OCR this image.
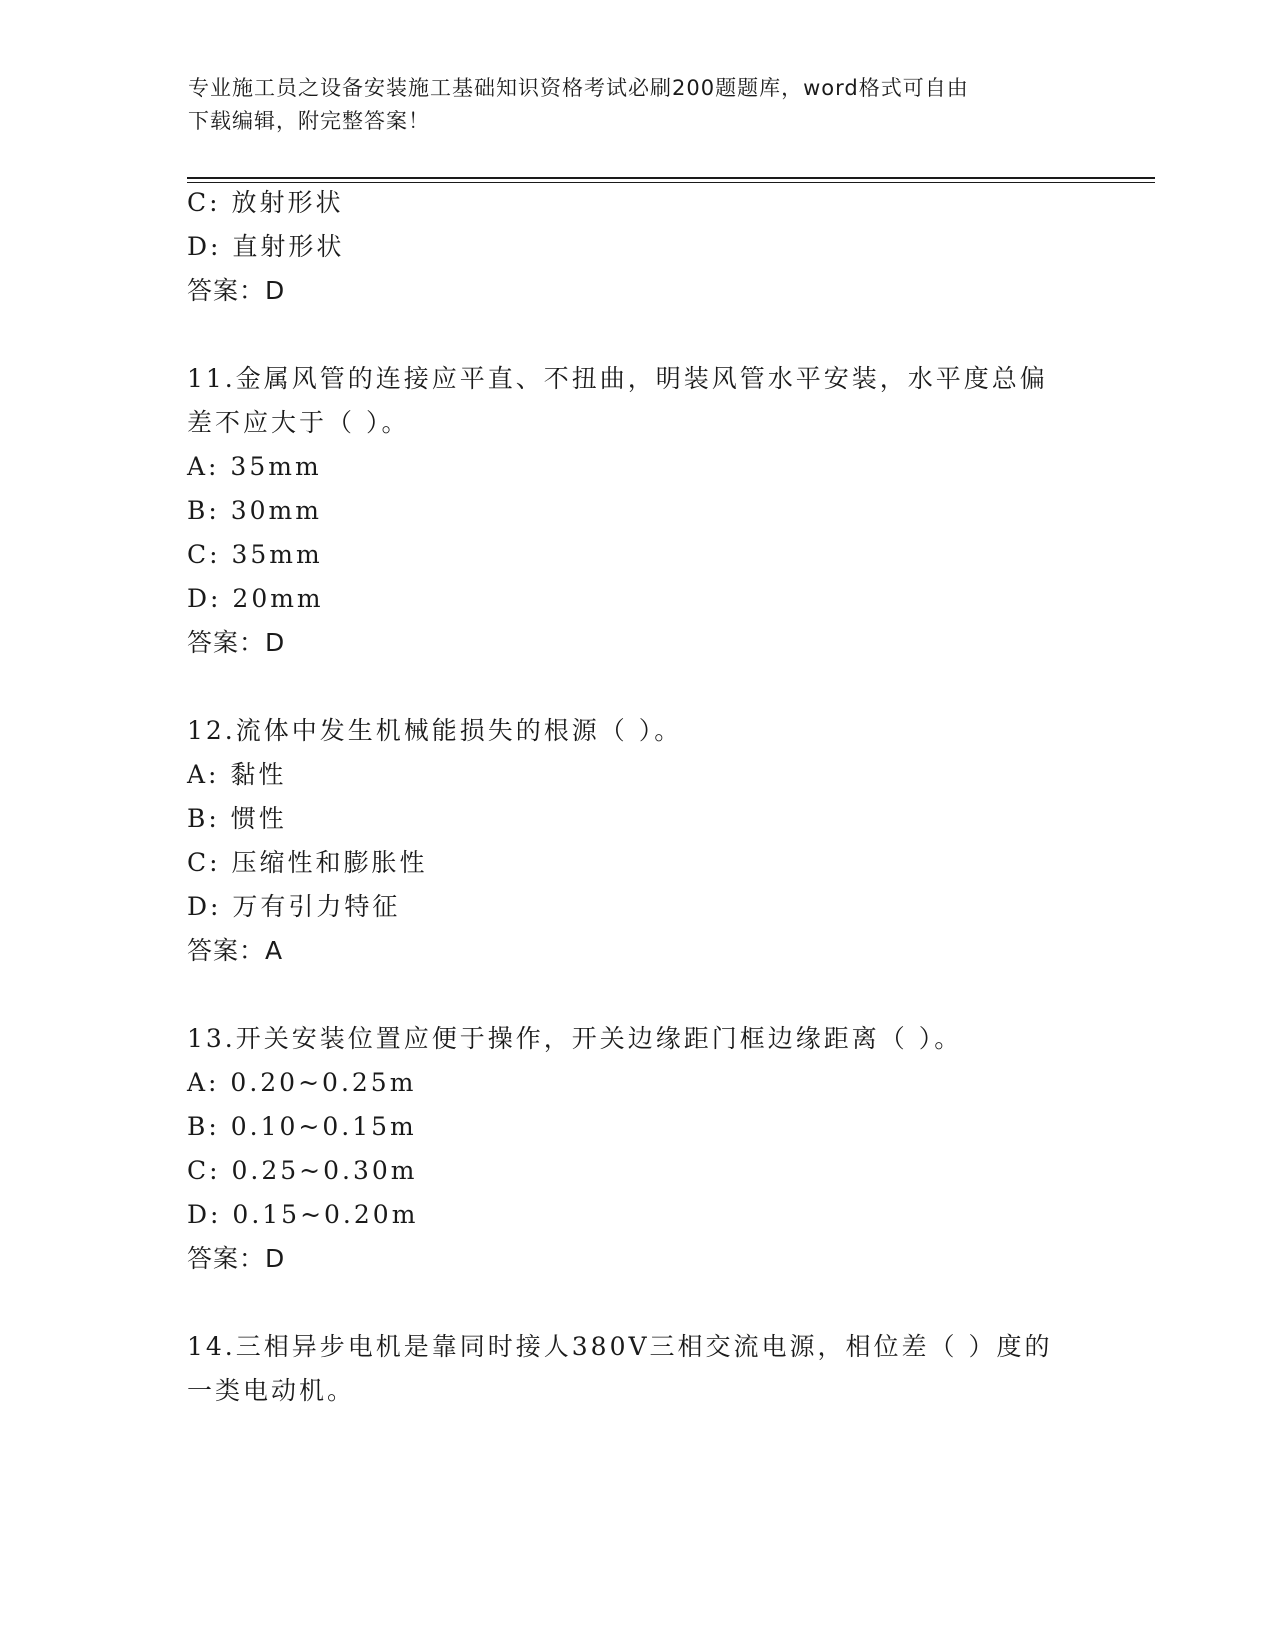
专业施工员之设备安装施工基础知识资格考试必刷200题题库，word格式可自由
下载编辑，附完整答案！
C: 放射形状
D: 直射形状
答案：D
11.金属风管的连接应平直、不扭曲，明装风管水平安装，水平度总偏
差不应大于（ ）。
A: 35mm
B: 30mm
C: 35mm
D: 20mm
答案：D
12.流体中发生机械能损失的根源（ ）。
A: 黏性
B: 惯性
C: 压缩性和膨胀性
D: 万有引力特征
答案：A
13.开关安装位置应便于操作，开关边缘距门框边缘距离（ ）。
A: 0.20~0.25m
B: 0.10~0.15m
C: 0.25~0.30m
D: 0.15~0.20m
答案：D
14.三相异步电机是靠同时接人380V三相交流电源，相位差（ ）度的
一类电动机。
